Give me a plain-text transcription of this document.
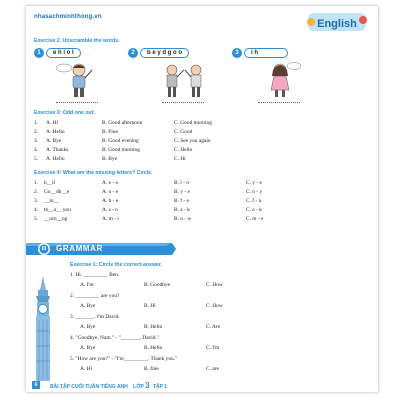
nhasachminhthong.vn
English
Exercise 2. Unscramble the words.
1	e h i o l	2	b e y d g o o	3	i h
Exercise 3: Odd one out.
1. A. Hi	B. Good afternoon	C. Good morning
2. A. Hello	B. Fine	C. Good
3. A. Bye	B. Good evening	C. See you again
4. A. Thanks	B. Good morning	C. Hello
5. A. Hello	B. Bye	C. Hi
Exercise 4: What are the missing letters? Circle.
1. h__ll	A. e - o	B. l - o	C. y - e
2. Go__db__e	A. o - e	B. y - e	C. o - y
3. __in__	A. b - e	B. f - e	C. f - a
4. th__a__ you	A. s - n	B. a - k	C. e - k
5. __orn__ng	A. m - i	B. n - w	C. m - e
III	GRAMMAR
Exercise 1: Circle the correct answer.
1. Hi. _________ Ben.
A. I'm	B. Goodbye	C. How
2. _________ are you?
A. Bye	B. Hi	C. How
3. _______. I'm David.
A. Bye	B. Hello	C. Are
4. "Goodbye, Nam." - "_______, David."
A. Bye	B. Hello	C. I'm
5. "How are you?" - "I'm_________. Thank you."
A. Hi	B. fine	C. are
6	BÀI TẬP CUỐI TUẦN TIẾNG ANH LỚP 3 TẬP 1
